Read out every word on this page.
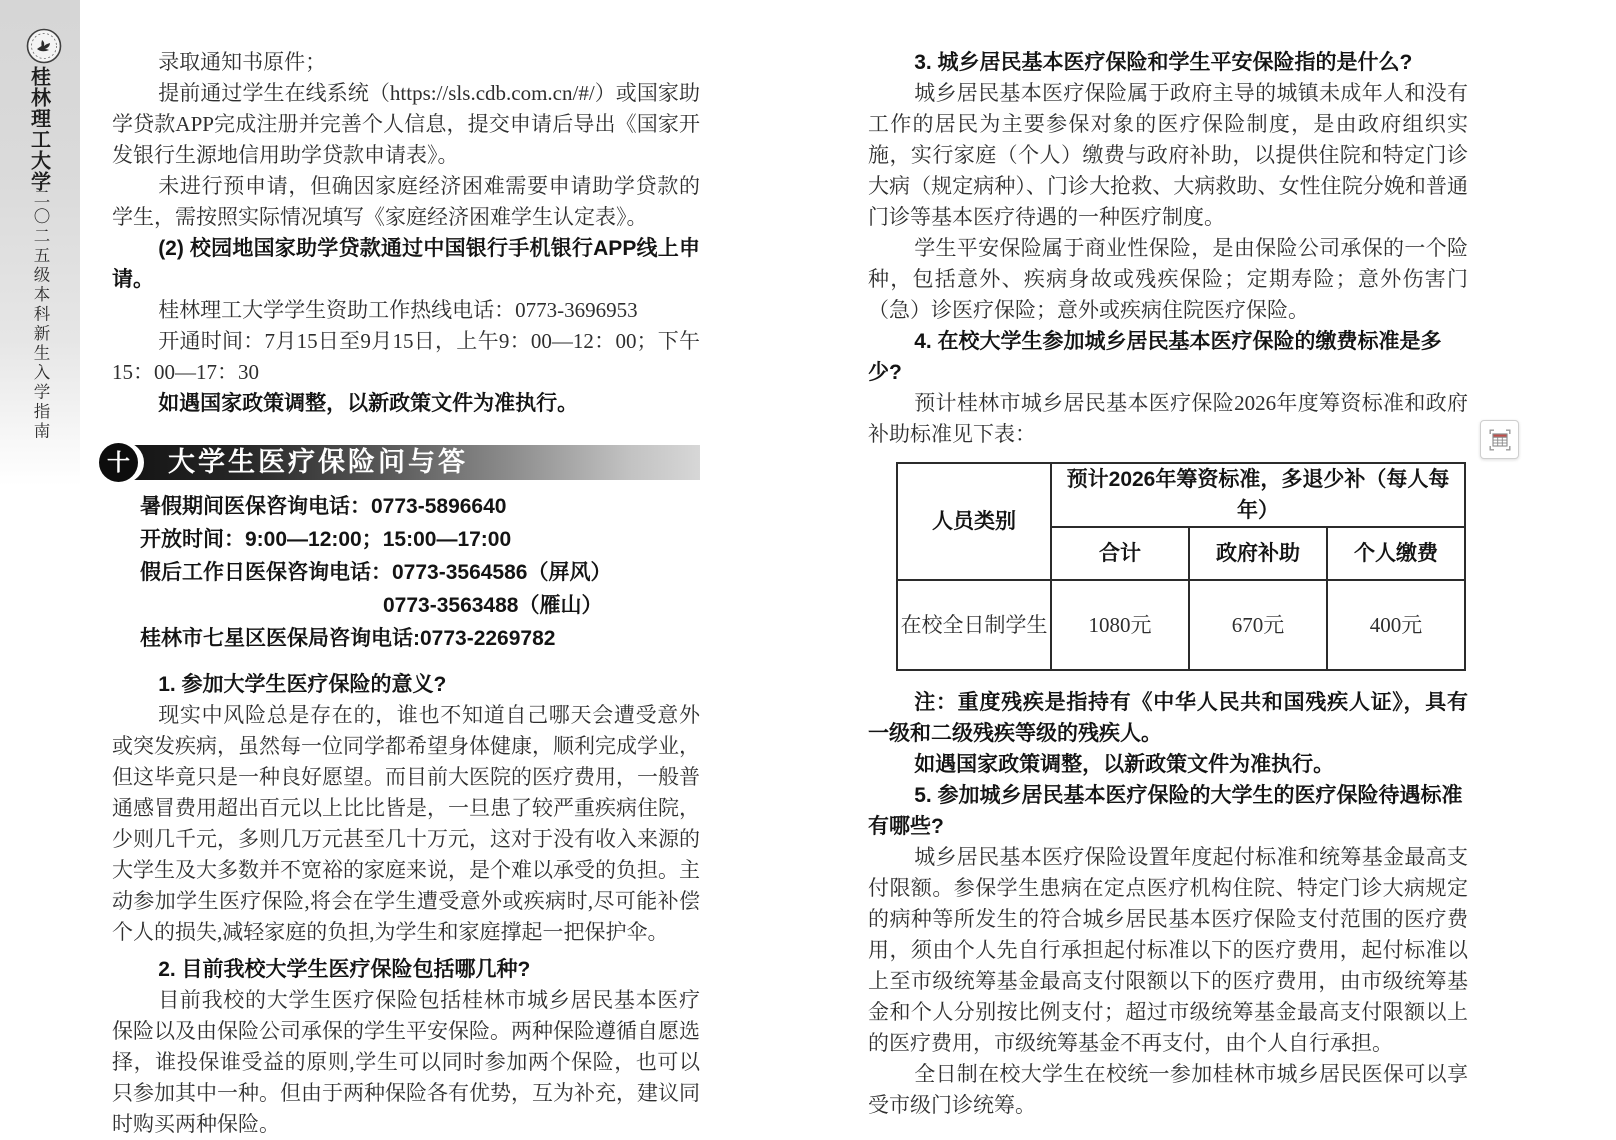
桂林理工大学
二〇二五级本科新生入学指南

录取通知书原件；

提前通过学生在线系统（https://sls.cdb.com.cn/#/）或国家助学贷款APP完成注册并完善个人信息，提交申请后导出《国家开发银行生源地信用助学贷款申请表》。

未进行预申请，但确因家庭经济困难需要申请助学贷款的学生，需按照实际情况填写《家庭经济困难学生认定表》。

(2) 校园地国家助学贷款通过中国银行手机银行APP线上申请。

桂林理工大学学生资助工作热线电话：0773-3696953

开通时间：7月15日至9月15日，上午9：00—12：00；下午15：00—17：30

如遇国家政策调整，以新政策文件为准执行。

十 大学生医疗保险问与答

暑假期间医保咨询电话：0773-5896640

开放时间：9:00—12:00；15:00—17:00

假后工作日医保咨询电话：0773-3564586（屏风）

0773-3563488（雁山）

桂林市七星区医保局咨询电话:0773-2269782

1. 参加大学生医疗保险的意义?

现实中风险总是存在的，谁也不知道自己哪天会遭受意外或突发疾病，虽然每一位同学都希望身体健康，顺利完成学业，但这毕竟只是一种良好愿望。而目前大医院的医疗费用，一般普通感冒费用超出百元以上比比皆是，一旦患了较严重疾病住院，少则几千元，多则几万元甚至几十万元，这对于没有收入来源的大学生及大多数并不宽裕的家庭来说，是个难以承受的负担。主动参加学生医疗保险,将会在学生遭受意外或疾病时,尽可能补偿个人的损失,减轻家庭的负担,为学生和家庭撑起一把保护伞。

2. 目前我校大学生医疗保险包括哪几种?

目前我校的大学生医疗保险包括桂林市城乡居民基本医疗保险以及由保险公司承保的学生平安保险。两种保险遵循自愿选择，谁投保谁受益的原则,学生可以同时参加两个保险，也可以只参加其中一种。但由于两种保险各有优势，互为补充，建议同时购买两种保险。

3. 城乡居民基本医疗保险和学生平安保险指的是什么?

城乡居民基本医疗保险属于政府主导的城镇未成年人和没有工作的居民为主要参保对象的医疗保险制度，是由政府组织实施，实行家庭（个人）缴费与政府补助，以提供住院和特定门诊大病（规定病种）、门诊大抢救、大病救助、女性住院分娩和普通门诊等基本医疗待遇的一种医疗制度。

学生平安保险属于商业性保险，是由保险公司承保的一个险种，包括意外、疾病身故或残疾保险；定期寿险；意外伤害门（急）诊医疗保险；意外或疾病住院医疗保险。

4. 在校大学生参加城乡居民基本医疗保险的缴费标准是多少?

预计桂林市城乡居民基本医疗保险2026年度筹资标准和政府补助标准见下表：

人员类别	预计2026年筹资标准，多退少补（每人每年）		
	合计	政府补助	个人缴费
在校全日制学生	1080元	670元	400元

注：重度残疾是指持有《中华人民共和国残疾人证》，具有一级和二级残疾等级的残疾人。

如遇国家政策调整，以新政策文件为准执行。

5. 参加城乡居民基本医疗保险的大学生的医疗保险待遇标准有哪些?

城乡居民基本医疗保险设置年度起付标准和统筹基金最高支付限额。参保学生患病在定点医疗机构住院、特定门诊大病规定的病种等所发生的符合城乡居民基本医疗保险支付范围的医疗费用，须由个人先自行承担起付标准以下的医疗费用，起付标准以上至市级统筹基金最高支付限额以下的医疗费用，由市级统筹基金和个人分别按比例支付；超过市级统筹基金最高支付限额以上的医疗费用，市级统筹基金不再支付，由个人自行承担。

全日制在校大学生在校统一参加桂林市城乡居民医保可以享受市级门诊统筹。
